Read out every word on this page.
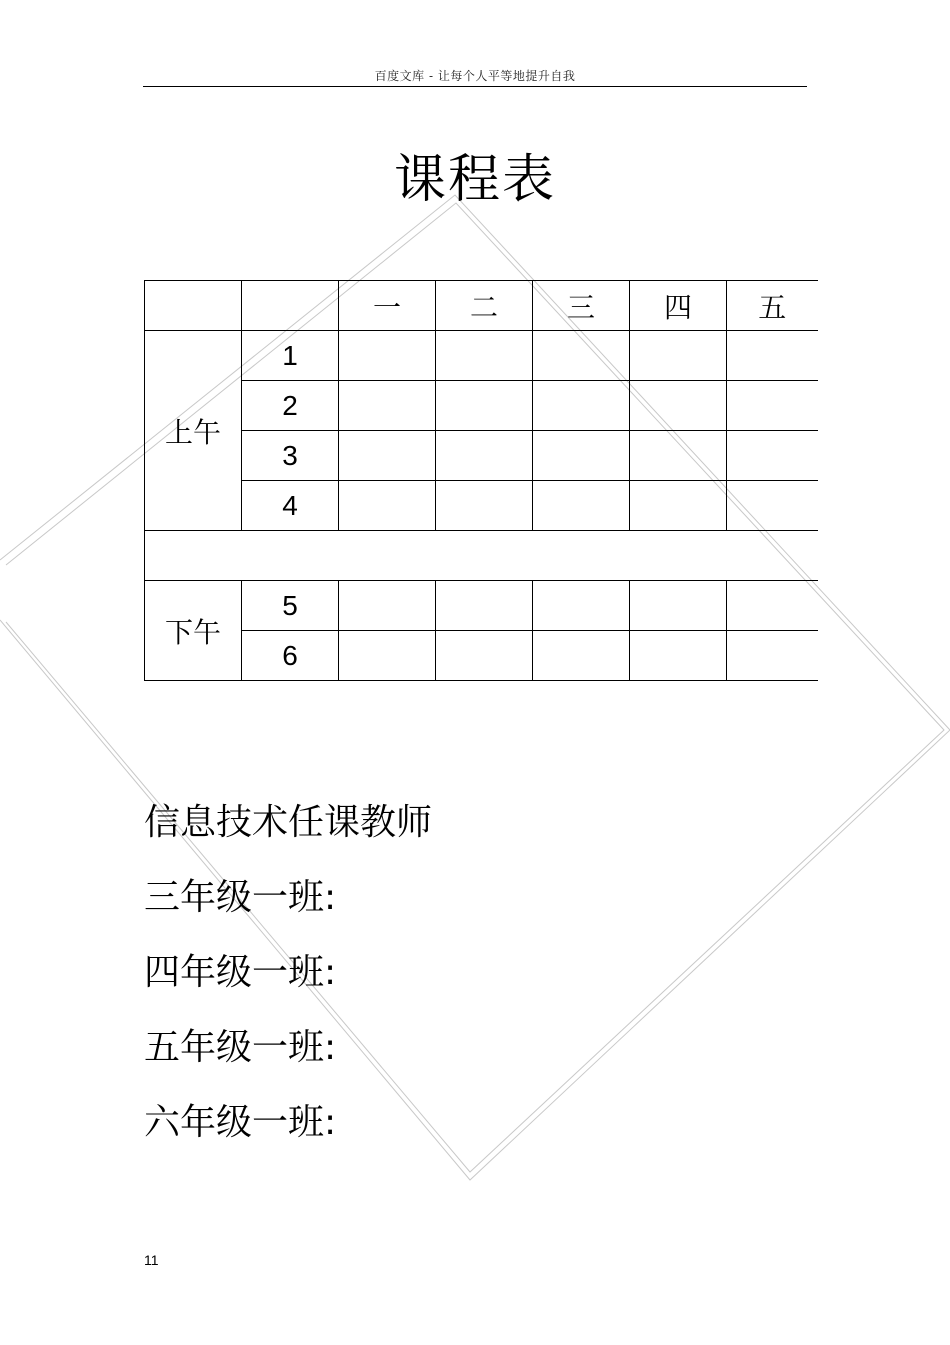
百度文库 - 让每个人平等地提升自我
课程表
		一	二	三	四	五
上午	1					
	2					
	3					
	4					

下午	5					
	6					
信息技术任课教师
三年级一班:
四年级一班:
五年级一班:
六年级一班:
11
